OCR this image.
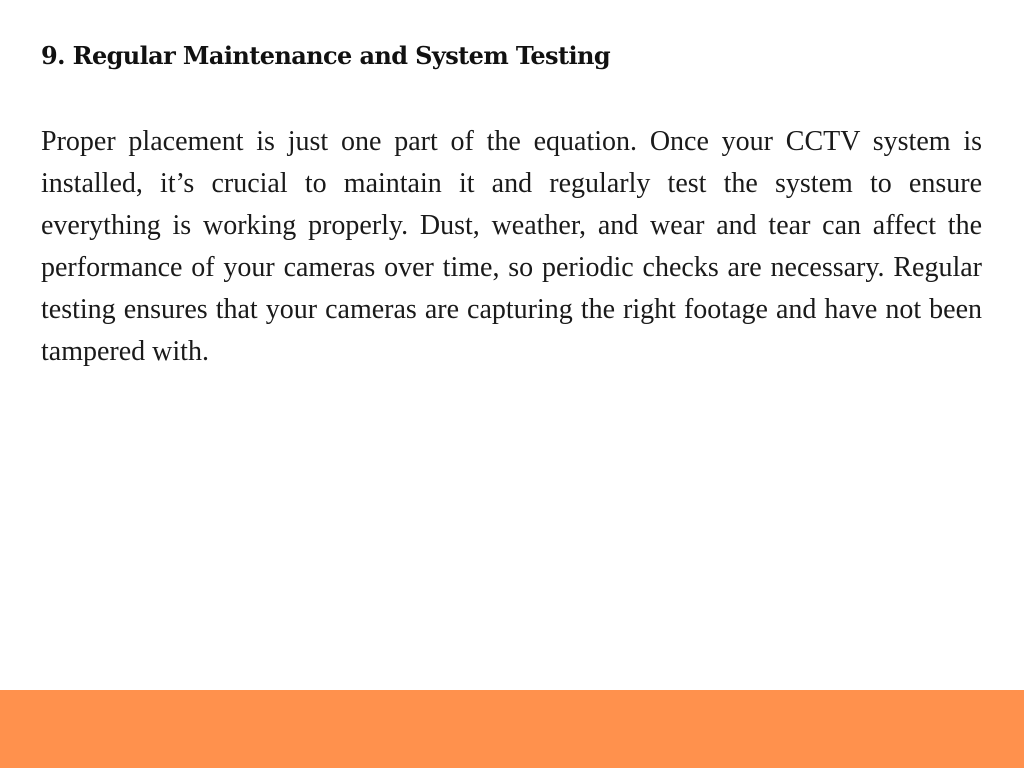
9. Regular Maintenance and System Testing

Proper placement is just one part of the equation. Once your CCTV system is installed, it’s crucial to maintain it and regularly test the system to ensure everything is working properly. Dust, weather, and wear and tear can affect the performance of your cameras over time, so periodic checks are necessary. Regular testing ensures that your cameras are capturing the right footage and have not been tampered with.
